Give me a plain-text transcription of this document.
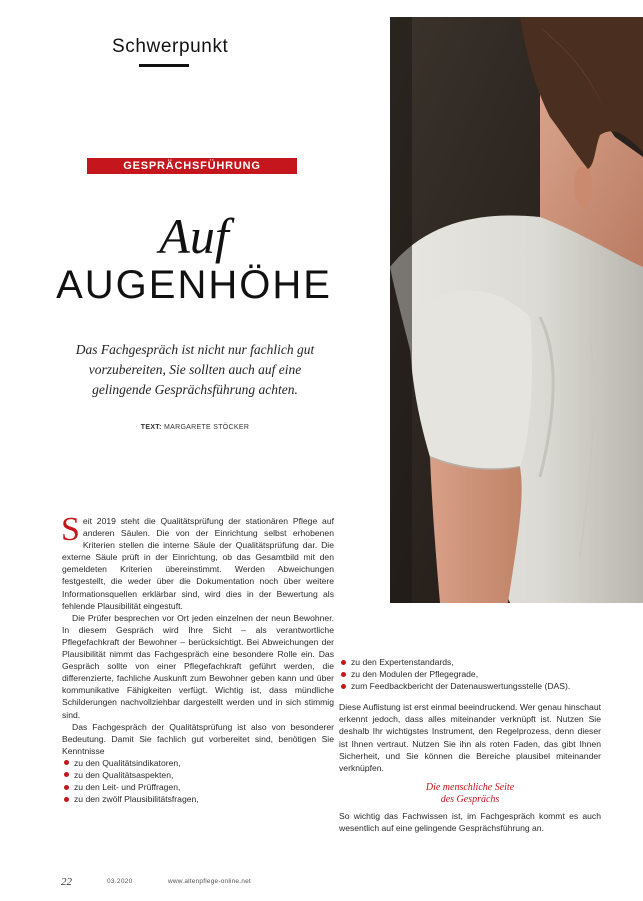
Schwerpunkt
GESPRÄCHSFÜHRUNG
Auf
AUGENHÖHE
Das Fachgespräch ist nicht nur fachlich gut vorzubereiten, Sie sollten auch auf eine gelingende Gesprächsführung achten.
TEXT: MARGARETE STÖCKER

Seit 2019 steht die Qualitätsprüfung der stationären Pflege auf anderen Säulen. Die von der Einrichtung selbst erhobenen Kriterien stellen die interne Säule der Qualitätsprüfung dar. Die externe Säule prüft in der Einrichtung, ob das Gesamtbild mit den gemeldeten Kriterien übereinstimmt. Werden Abweichungen festgestellt, die weder über die Dokumentation noch über weitere Informationsquellen erklärbar sind, wird dies in der Bewertung als fehlende Plausibilität eingestuft.

Die Prüfer besprechen vor Ort jeden einzelnen der neun Bewohner. In diesem Gespräch wird Ihre Sicht – als verantwortliche Pflegefachkraft der Bewohner – berücksichtigt. Bei Abweichungen der Plausibilität nimmt das Fachgespräch eine besondere Rolle ein. Das Gespräch sollte von einer Pflegefachkraft geführt werden, die differenzierte, fachliche Auskunft zum Bewohner geben kann und über kommunikative Fähigkeiten verfügt. Wichtig ist, dass mündliche Schilderungen nachvollziehbar dargestellt werden und in sich stimmig sind.

Das Fachgespräch der Qualitätsprüfung ist also von besonderer Bedeutung. Damit Sie fachlich gut vorbereitet sind, benötigen Sie Kenntnisse

zu den Qualitätsindikatoren,
zu den Qualitätsaspekten,
zu den Leit- und Prüffragen,
zu den zwölf Plausibilitätsfragen,
zu den Expertenstandards,
zu den Modulen der Pflegegrade,
zum Feedbackbericht der Datenauswertungsstelle (DAS).

Diese Auflistung ist erst einmal beeindruckend. Wer genau hinschaut erkennt jedoch, dass alles miteinander verknüpft ist. Nutzen Sie deshalb Ihr wichtigstes Instrument, den Regelprozess, denn dieser ist Ihnen vertraut. Nutzen Sie ihn als roten Faden, das gibt Ihnen Sicherheit, und Sie können die Bereiche plausibel miteinander verknüpfen.

Die menschliche Seite
des Gesprächs

So wichtig das Fachwissen ist, im Fachgespräch kommt es auch wesentlich auf eine gelingende Gesprächsführung an.

22	03.2020	www.altenpflege-online.net
